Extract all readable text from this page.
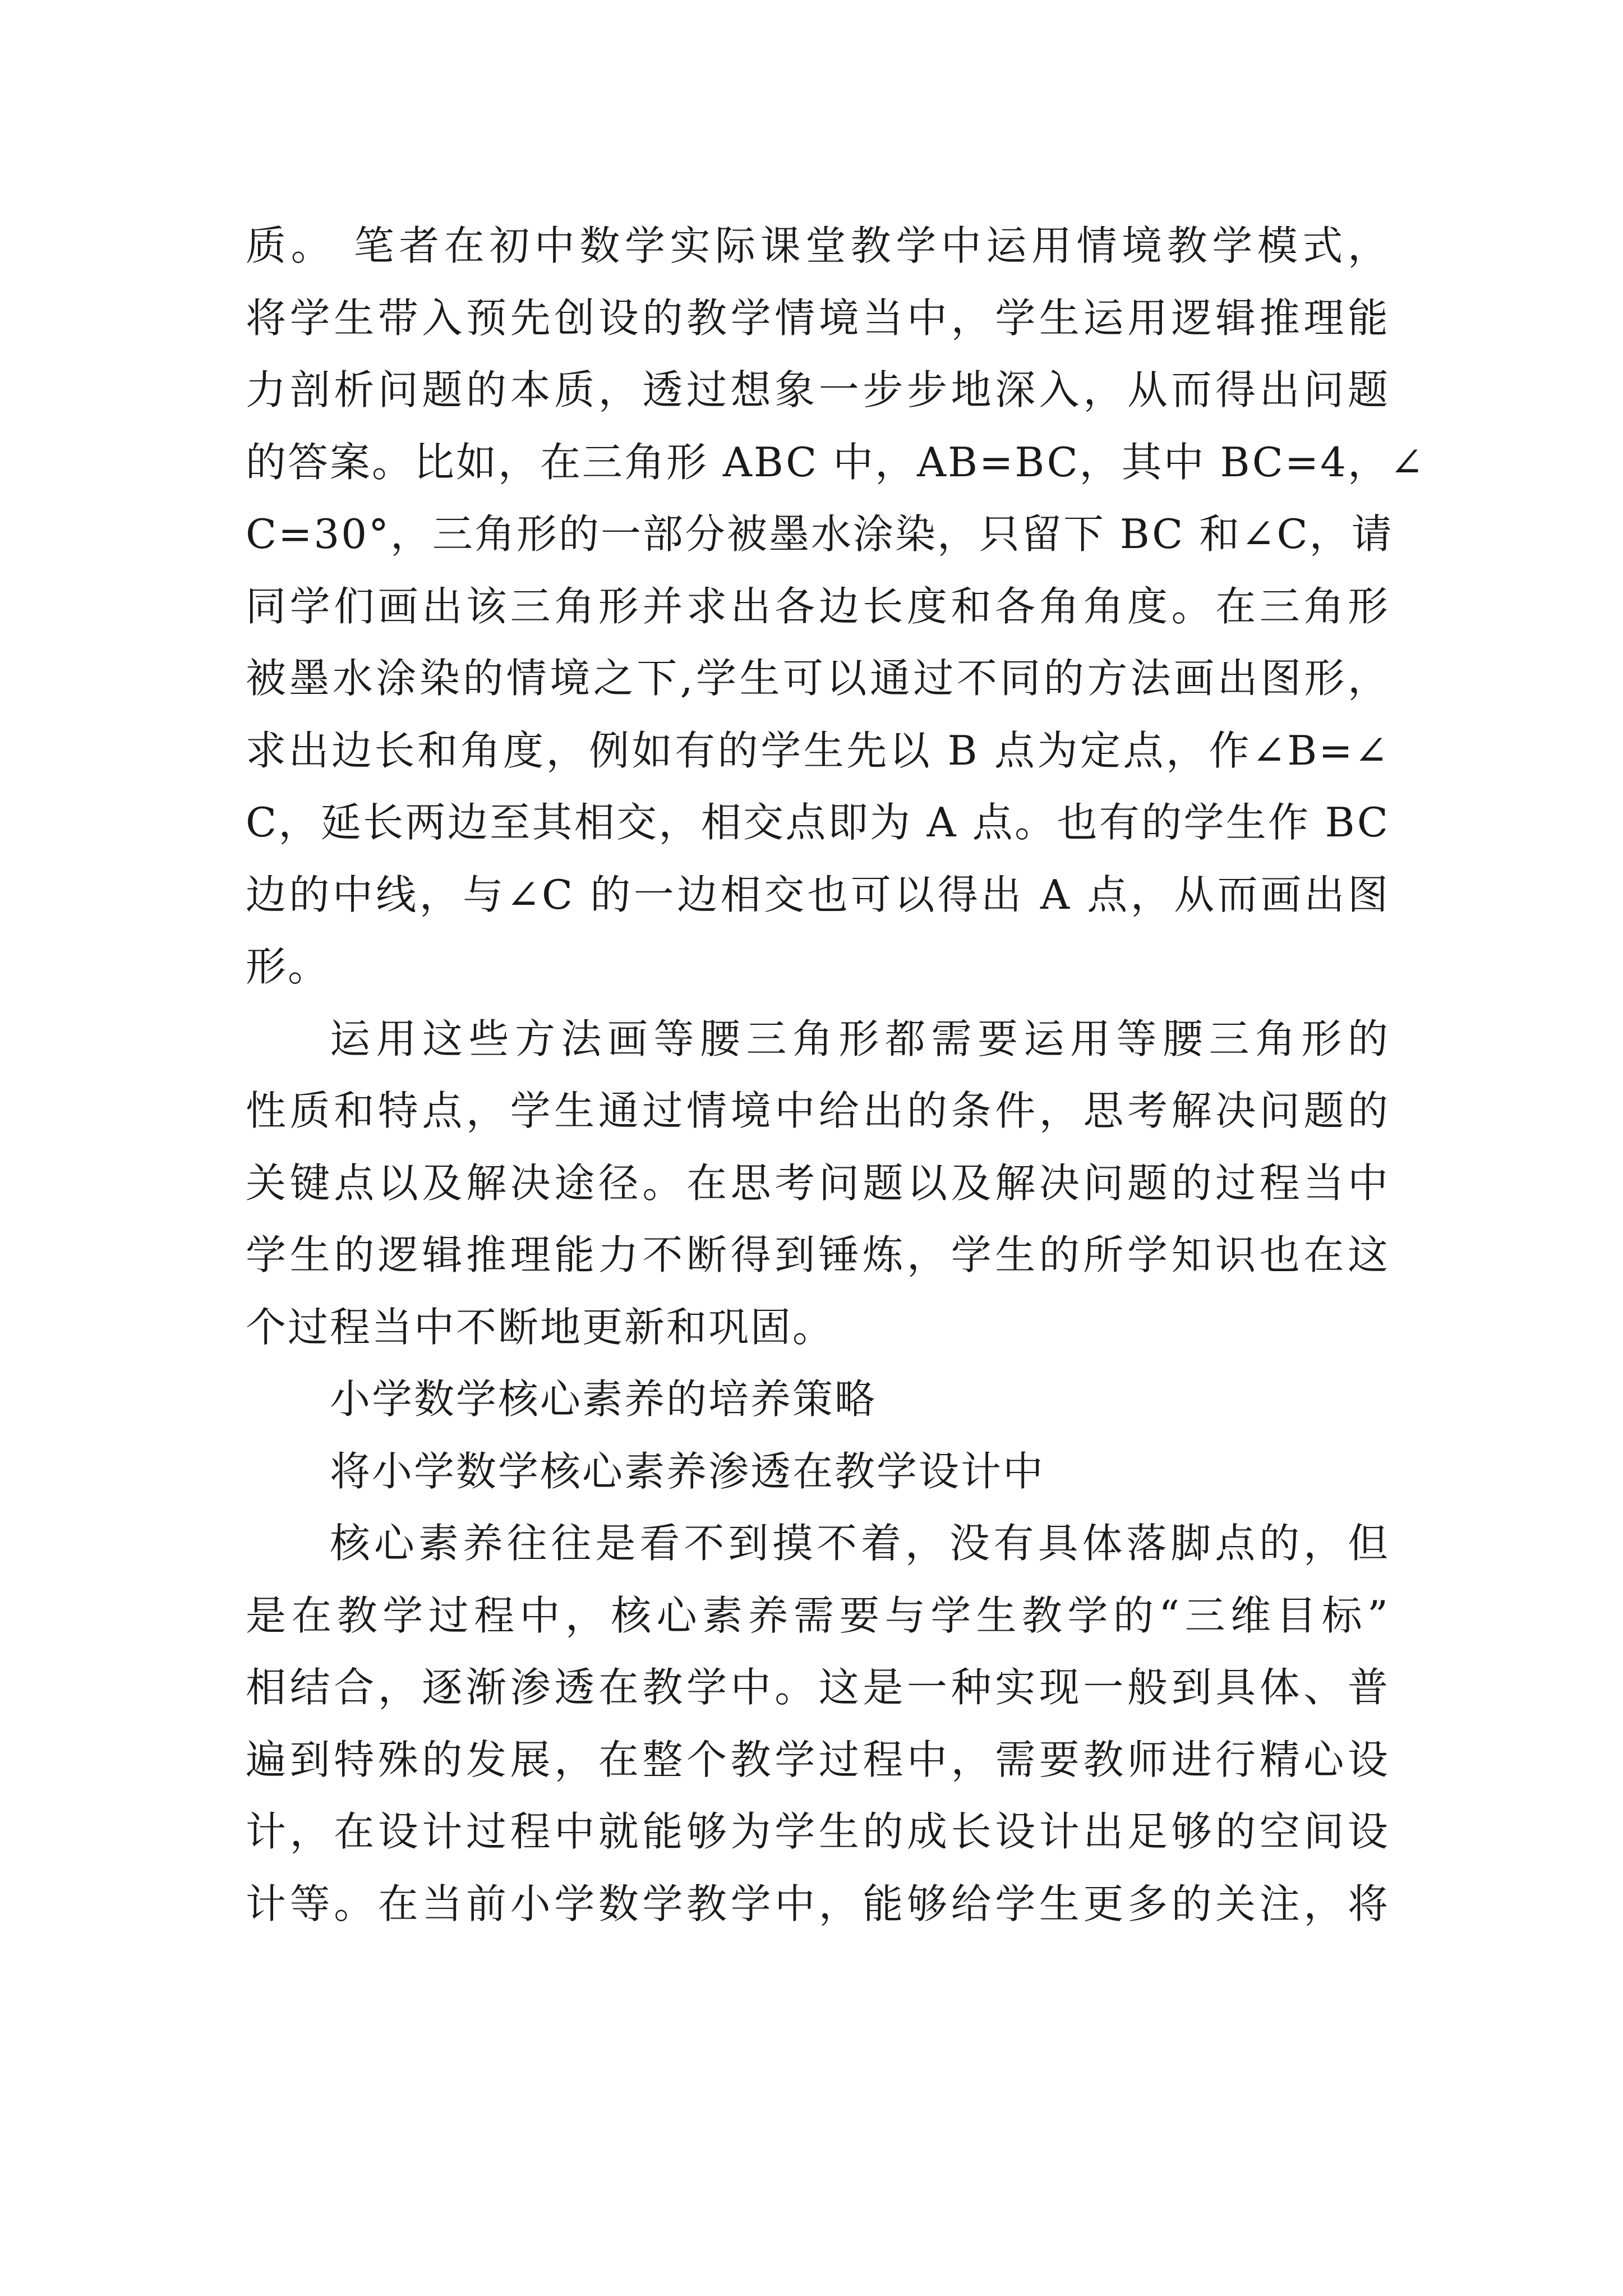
质。 笔者在初中数学实际课堂教学中运用情境教学模式，
将学生带入预先创设的教学情境当中，学生运用逻辑推理能
力剖析问题的本质，透过想象一步步地深入，从而得出问题
的答案。比如，在三角形 ABC 中，AB=BC，其中 BC=4，∠
C=30°，三角形的一部分被墨水涂染，只留下 BC 和∠C，请
同学们画出该三角形并求出各边长度和各角角度。在三角形
被墨水涂染的情境之下,学生可以通过不同的方法画出图形，
求出边长和角度，例如有的学生先以 B 点为定点，作∠B=∠
C，延长两边至其相交，相交点即为 A 点。也有的学生作 BC
边的中线，与∠C 的一边相交也可以得出 A 点，从而画出图
形。
运用这些方法画等腰三角形都需要运用等腰三角形的
性质和特点，学生通过情境中给出的条件，思考解决问题的
关键点以及解决途径。在思考问题以及解决问题的过程当中
学生的逻辑推理能力不断得到锤炼，学生的所学知识也在这
个过程当中不断地更新和巩固。
小学数学核心素养的培养策略
将小学数学核心素养渗透在教学设计中
核心素养往往是看不到摸不着，没有具体落脚点的，但
是在教学过程中，核心素养需要与学生教学的“三维目标”
相结合，逐渐渗透在教学中。这是一种实现一般到具体、普
遍到特殊的发展，在整个教学过程中，需要教师进行精心设
计，在设计过程中就能够为学生的成长设计出足够的空间设
计等。在当前小学数学教学中，能够给学生更多的关注，将
